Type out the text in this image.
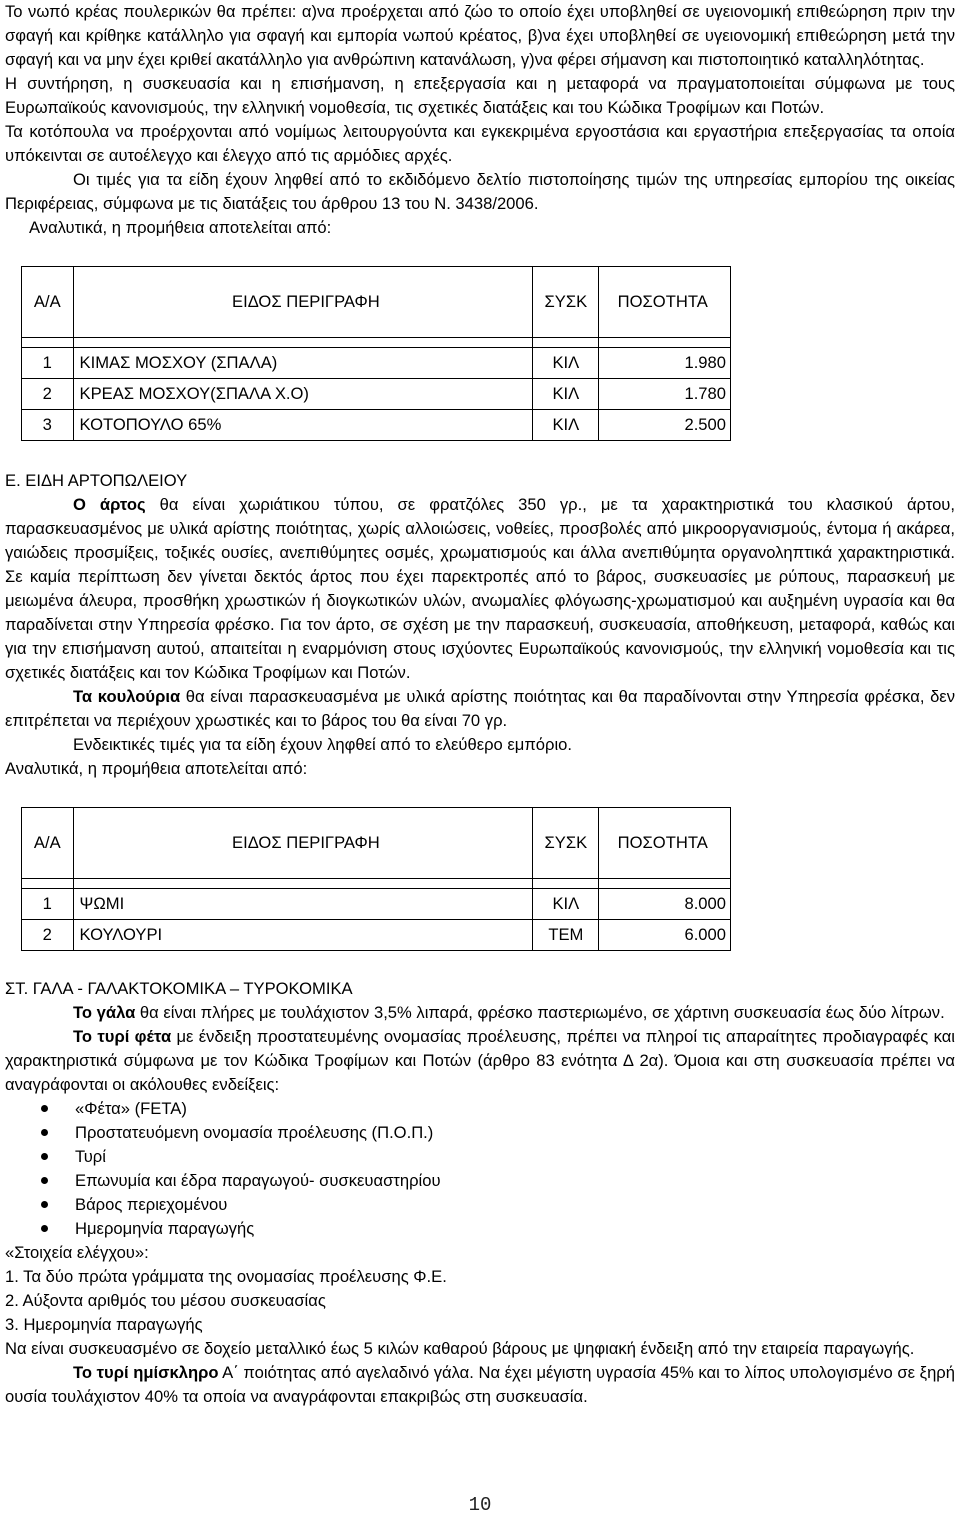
Το νωπό κρέας πουλερικών θα πρέπει: α)να προέρχεται από ζώο το οποίο έχει υποβληθεί σε υγειονομική επιθεώρηση πριν την σφαγή και κρίθηκε κατάλληλο για σφαγή και εμπορία νωπού κρέατος, β)να έχει υποβληθεί σε υγειονομική επιθεώρηση μετά την σφαγή και να μην έχει κριθεί ακατάλληλο για ανθρώπινη κατανάλωση, γ)να φέρει σήμανση και πιστοποιητικό καταλληλότητας.

Η συντήρηση, η συσκευασία και η επισήμανση, η επεξεργασία και η μεταφορά να πραγματοποιείται σύμφωνα με τους Ευρωπαϊκούς κανονισμούς, την ελληνική νομοθεσία, τις σχετικές διατάξεις και του Κώδικα Τροφίμων και Ποτών.

Τα κοτόπουλα να προέρχονται από νομίμως λειτουργούντα και εγκεκριμένα εργοστάσια και εργαστήρια επεξεργασίας τα οποία υπόκεινται σε αυτοέλεγχο και έλεγχο από τις αρμόδιες αρχές.

Οι τιμές για τα είδη έχουν ληφθεί από το εκδιδόμενο δελτίο πιστοποίησης τιμών της υπηρεσίας εμπορίου της οικείας Περιφέρειας, σύμφωνα με τις διατάξεις του άρθρου 13 του Ν. 3438/2006.

Αναλυτικά, η προμήθεια αποτελείται από:

Α/Α	ΕΙΔΟΣ ΠΕΡΙΓΡΑΦΗ	ΣΥΣΚ	ΠΟΣΟΤΗΤΑ

1	ΚΙΜΑΣ ΜΟΣΧΟΥ (ΣΠΑΛΑ)	ΚΙΛ	1.980
2	ΚΡΕΑΣ ΜΟΣΧΟΥ(ΣΠΑΛΑ Χ.Ο)	ΚΙΛ	1.780
3	ΚΟΤΟΠΟΥΛΟ 65%	ΚΙΛ	2.500

Ε. ΕΙΔΗ ΑΡΤΟΠΩΛΕΙΟΥ

Ο άρτος θα είναι χωριάτικου τύπου, σε φρατζόλες 350 γρ., με τα χαρακτηριστικά του κλασικού άρτου, παρασκευασμένος με υλικά αρίστης ποιότητας, χωρίς αλλοιώσεις, νοθείες, προσβολές από μικροοργανισμούς, έντομα ή ακάρεα, γαιώδεις προσμίξεις, τοξικές ουσίες, ανεπιθύμητες οσμές, χρωματισμούς και άλλα ανεπιθύμητα οργανοληπτικά χαρακτηριστικά. Σε καμία περίπτωση δεν γίνεται δεκτός άρτος που έχει παρεκτροπές από το βάρος, συσκευασίες με ρύπους, παρασκευή με μειωμένα άλευρα, προσθήκη χρωστικών ή διογκωτικών υλών, ανωμαλίες φλόγωσης-χρωματισμού και αυξημένη υγρασία και θα παραδίνεται στην Υπηρεσία φρέσκο. Για τον άρτο, σε σχέση με την παρασκευή, συσκευασία, αποθήκευση, μεταφορά, καθώς και για την επισήμανση αυτού, απαιτείται η εναρμόνιση στους ισχύοντες Ευρωπαϊκούς κανονισμούς, την ελληνική νομοθεσία και τις σχετικές διατάξεις και τον Κώδικα Τροφίμων και Ποτών.

Τα κουλούρια θα είναι παρασκευασμένα με υλικά αρίστης ποιότητας και θα παραδίνονται στην Υπηρεσία φρέσκα, δεν επιτρέπεται να περιέχουν χρωστικές και το βάρος του θα είναι 70 γρ.

Ενδεικτικές τιμές για τα είδη έχουν ληφθεί από το ελεύθερο εμπόριο.

Αναλυτικά, η προμήθεια αποτελείται από:

Α/Α	ΕΙΔΟΣ ΠΕΡΙΓΡΑΦΗ	ΣΥΣΚ	ΠΟΣΟΤΗΤΑ

1	ΨΩΜΙ	ΚΙΛ	8.000
2	ΚΟΥΛΟΥΡΙ	ΤΕΜ	6.000

ΣΤ. ΓΑΛΑ - ΓΑΛΑΚΤΟΚΟΜΙΚΑ – ΤΥΡΟΚΟΜΙΚΑ

Το γάλα θα είναι πλήρες με τουλάχιστον 3,5% λιπαρά, φρέσκο παστεριωμένο, σε χάρτινη συσκευασία έως δύο λίτρων.

Το τυρί φέτα με ένδειξη προστατευμένης ονομασίας προέλευσης, πρέπει να πληροί τις απαραίτητες προδιαγραφές και χαρακτηριστικά σύμφωνα με τον Κώδικα Τροφίμων και Ποτών (άρθρο 83 ενότητα Δ 2α). Όμοια και στη συσκευασία πρέπει να αναγράφονται οι ακόλουθες ενδείξεις:

«Φέτα» (FETA)
Προστατευόμενη ονομασία προέλευσης (Π.Ο.Π.)
Τυρί
Επωνυμία και έδρα παραγωγού- συσκευαστηρίου
Βάρος περιεχομένου
Ημερομηνία παραγωγής

«Στοιχεία ελέγχου»:

1. Τα δύο πρώτα γράμματα της ονομασίας προέλευσης Φ.Ε.

2. Αύξοντα αριθμός του μέσου συσκευασίας

3. Ημερομηνία παραγωγής

Να είναι συσκευασμένο σε δοχείο μεταλλικό έως 5 κιλών καθαρού βάρους με ψηφιακή ένδειξη από την εταιρεία παραγωγής.

Το τυρί ημίσκληρο Α΄ ποιότητας από αγελαδινό γάλα. Να έχει μέγιστη υγρασία 45% και το λίπος υπολογισμένο σε ξηρή ουσία τουλάχιστον 40% τα οποία να αναγράφονται επακριβώς στη συσκευασία.

10
